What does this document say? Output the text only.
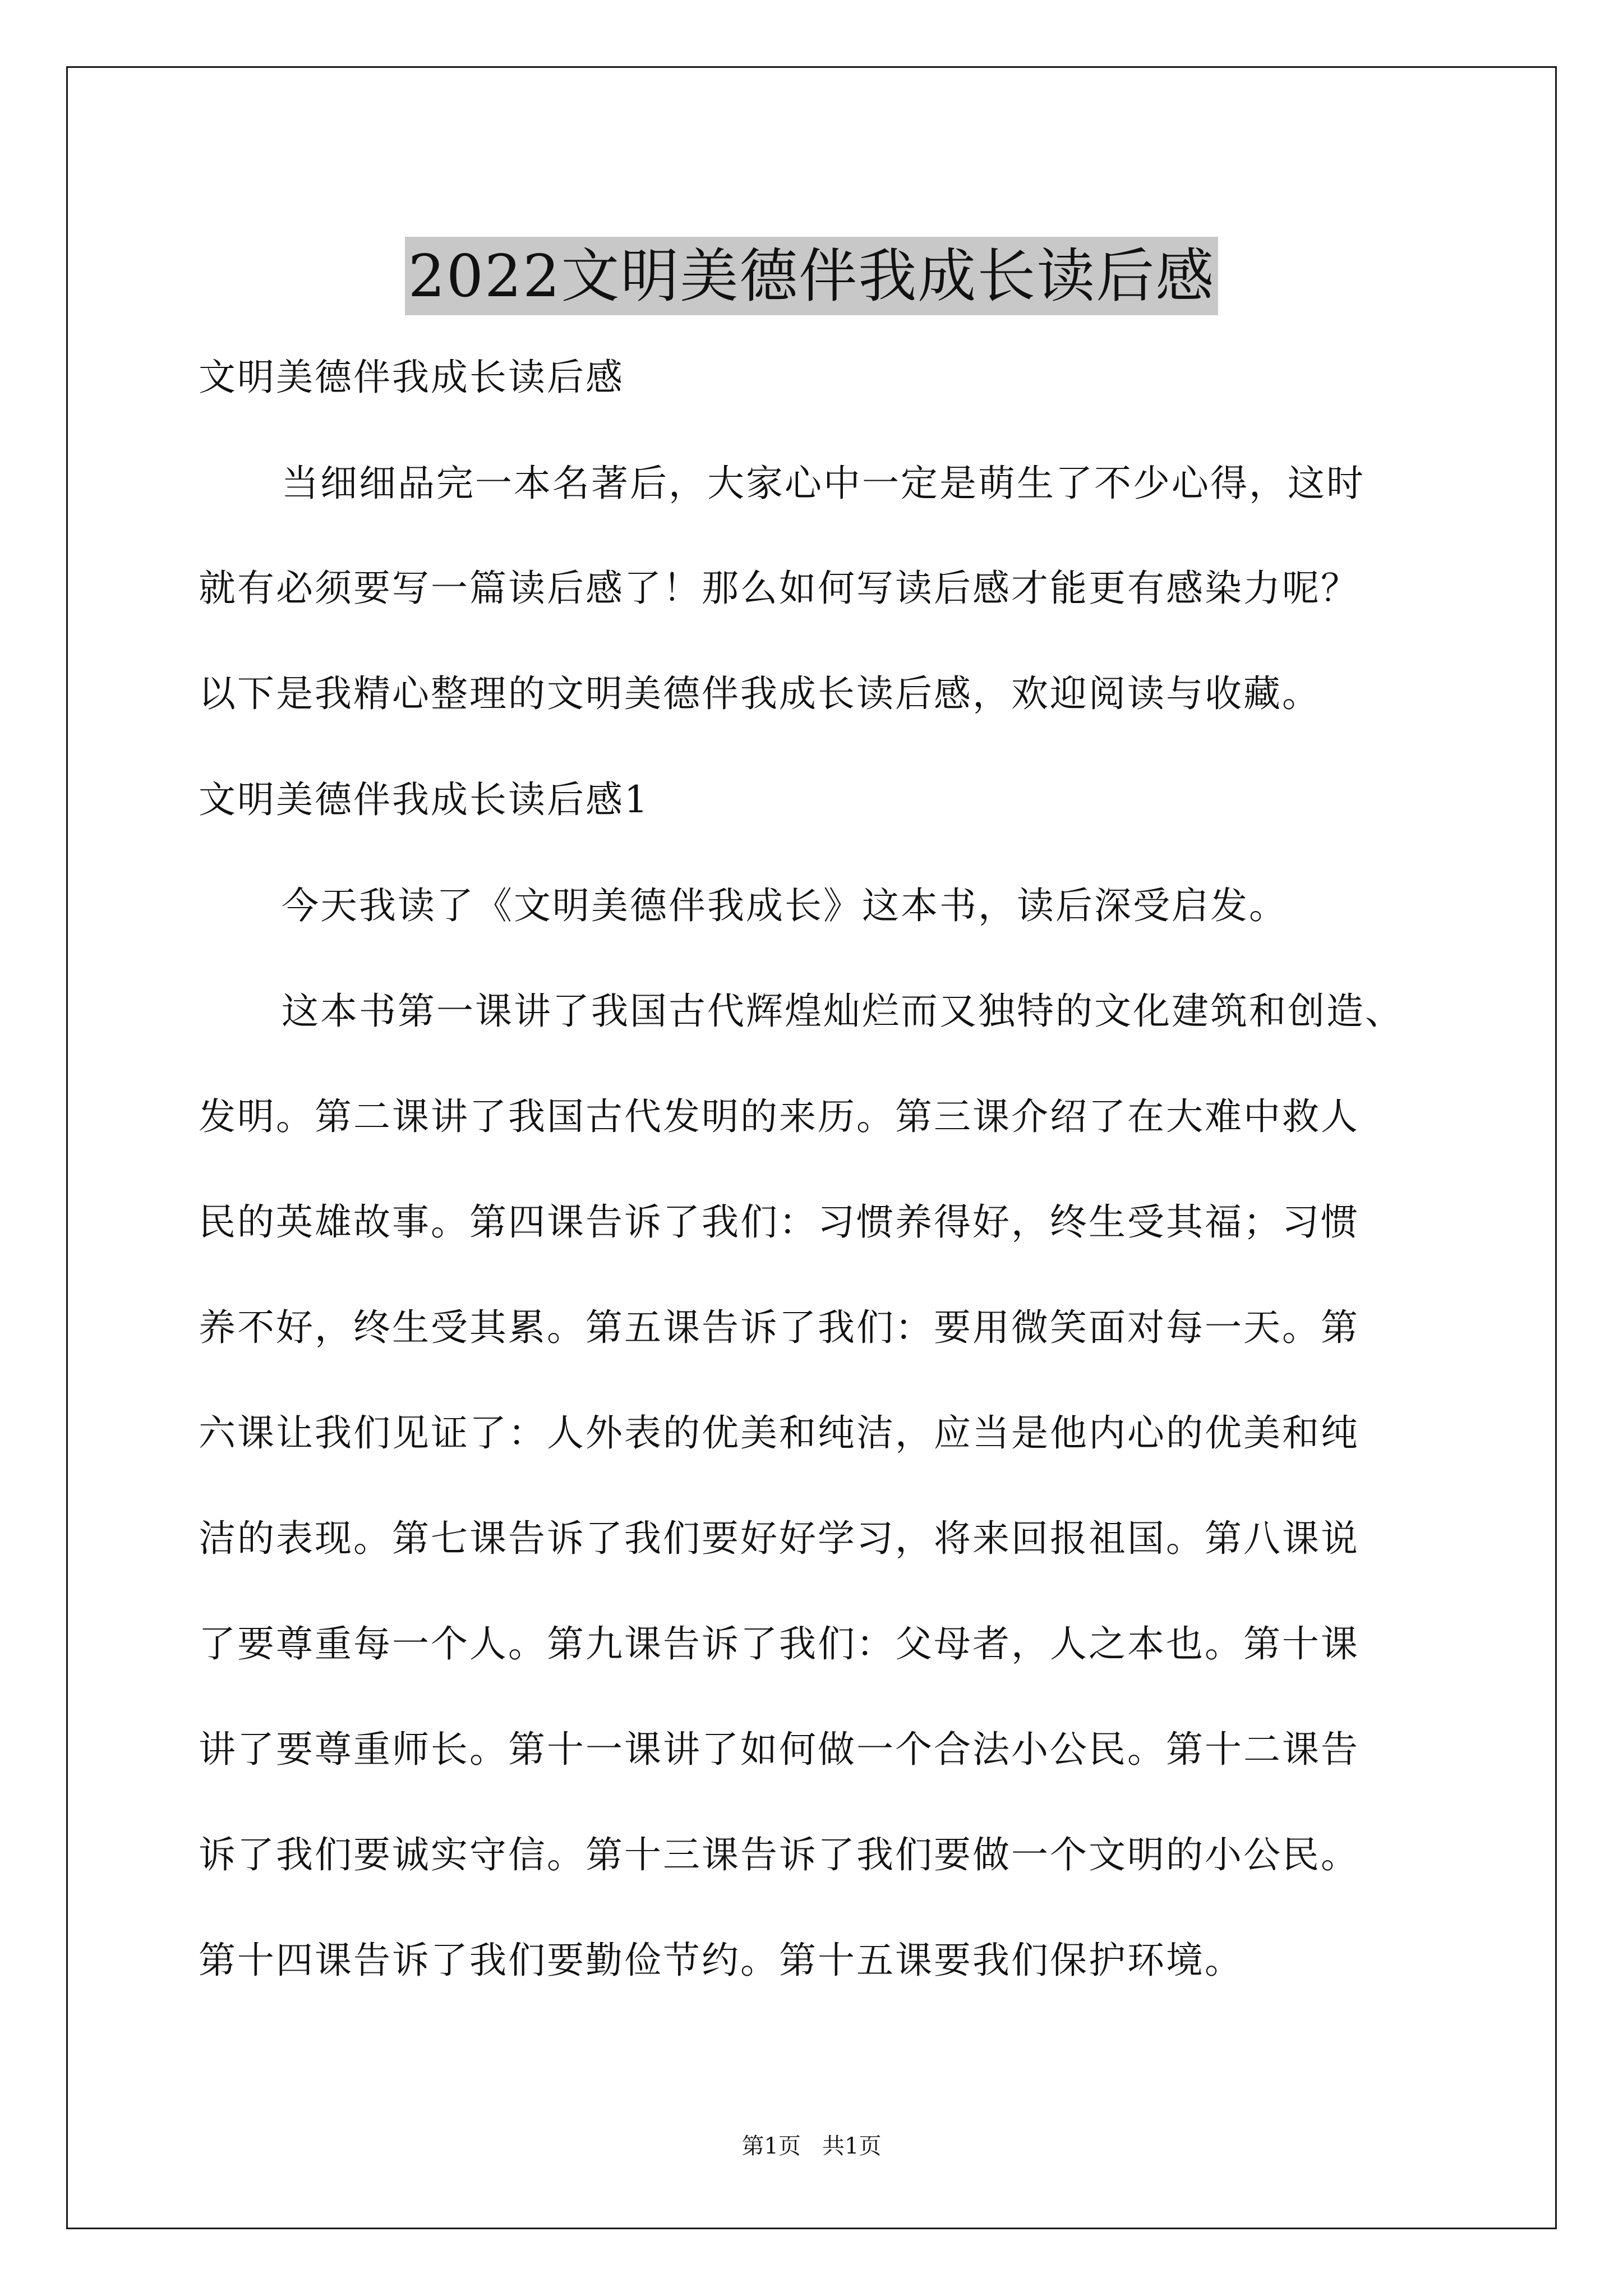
2022文明美德伴我成长读后感
文明美德伴我成长读后感
当细细品完一本名著后，大家心中一定是萌生了不少心得，这时
就有必须要写一篇读后感了！那么如何写读后感才能更有感染力呢？
以下是我精心整理的文明美德伴我成长读后感，欢迎阅读与收藏。
文明美德伴我成长读后感1
今天我读了《文明美德伴我成长》这本书，读后深受启发。
这本书第一课讲了我国古代辉煌灿烂而又独特的文化建筑和创造、
发明。第二课讲了我国古代发明的来历。第三课介绍了在大难中救人
民的英雄故事。第四课告诉了我们：习惯养得好，终生受其福；习惯
养不好，终生受其累。第五课告诉了我们：要用微笑面对每一天。第
六课让我们见证了：人外表的优美和纯洁，应当是他内心的优美和纯
洁的表现。第七课告诉了我们要好好学习，将来回报祖国。第八课说
了要尊重每一个人。第九课告诉了我们：父母者，人之本也。第十课
讲了要尊重师长。第十一课讲了如何做一个合法小公民。第十二课告
诉了我们要诚实守信。第十三课告诉了我们要做一个文明的小公民。
第十四课告诉了我们要勤俭节约。第十五课要我们保护环境。
第1页   共1页
